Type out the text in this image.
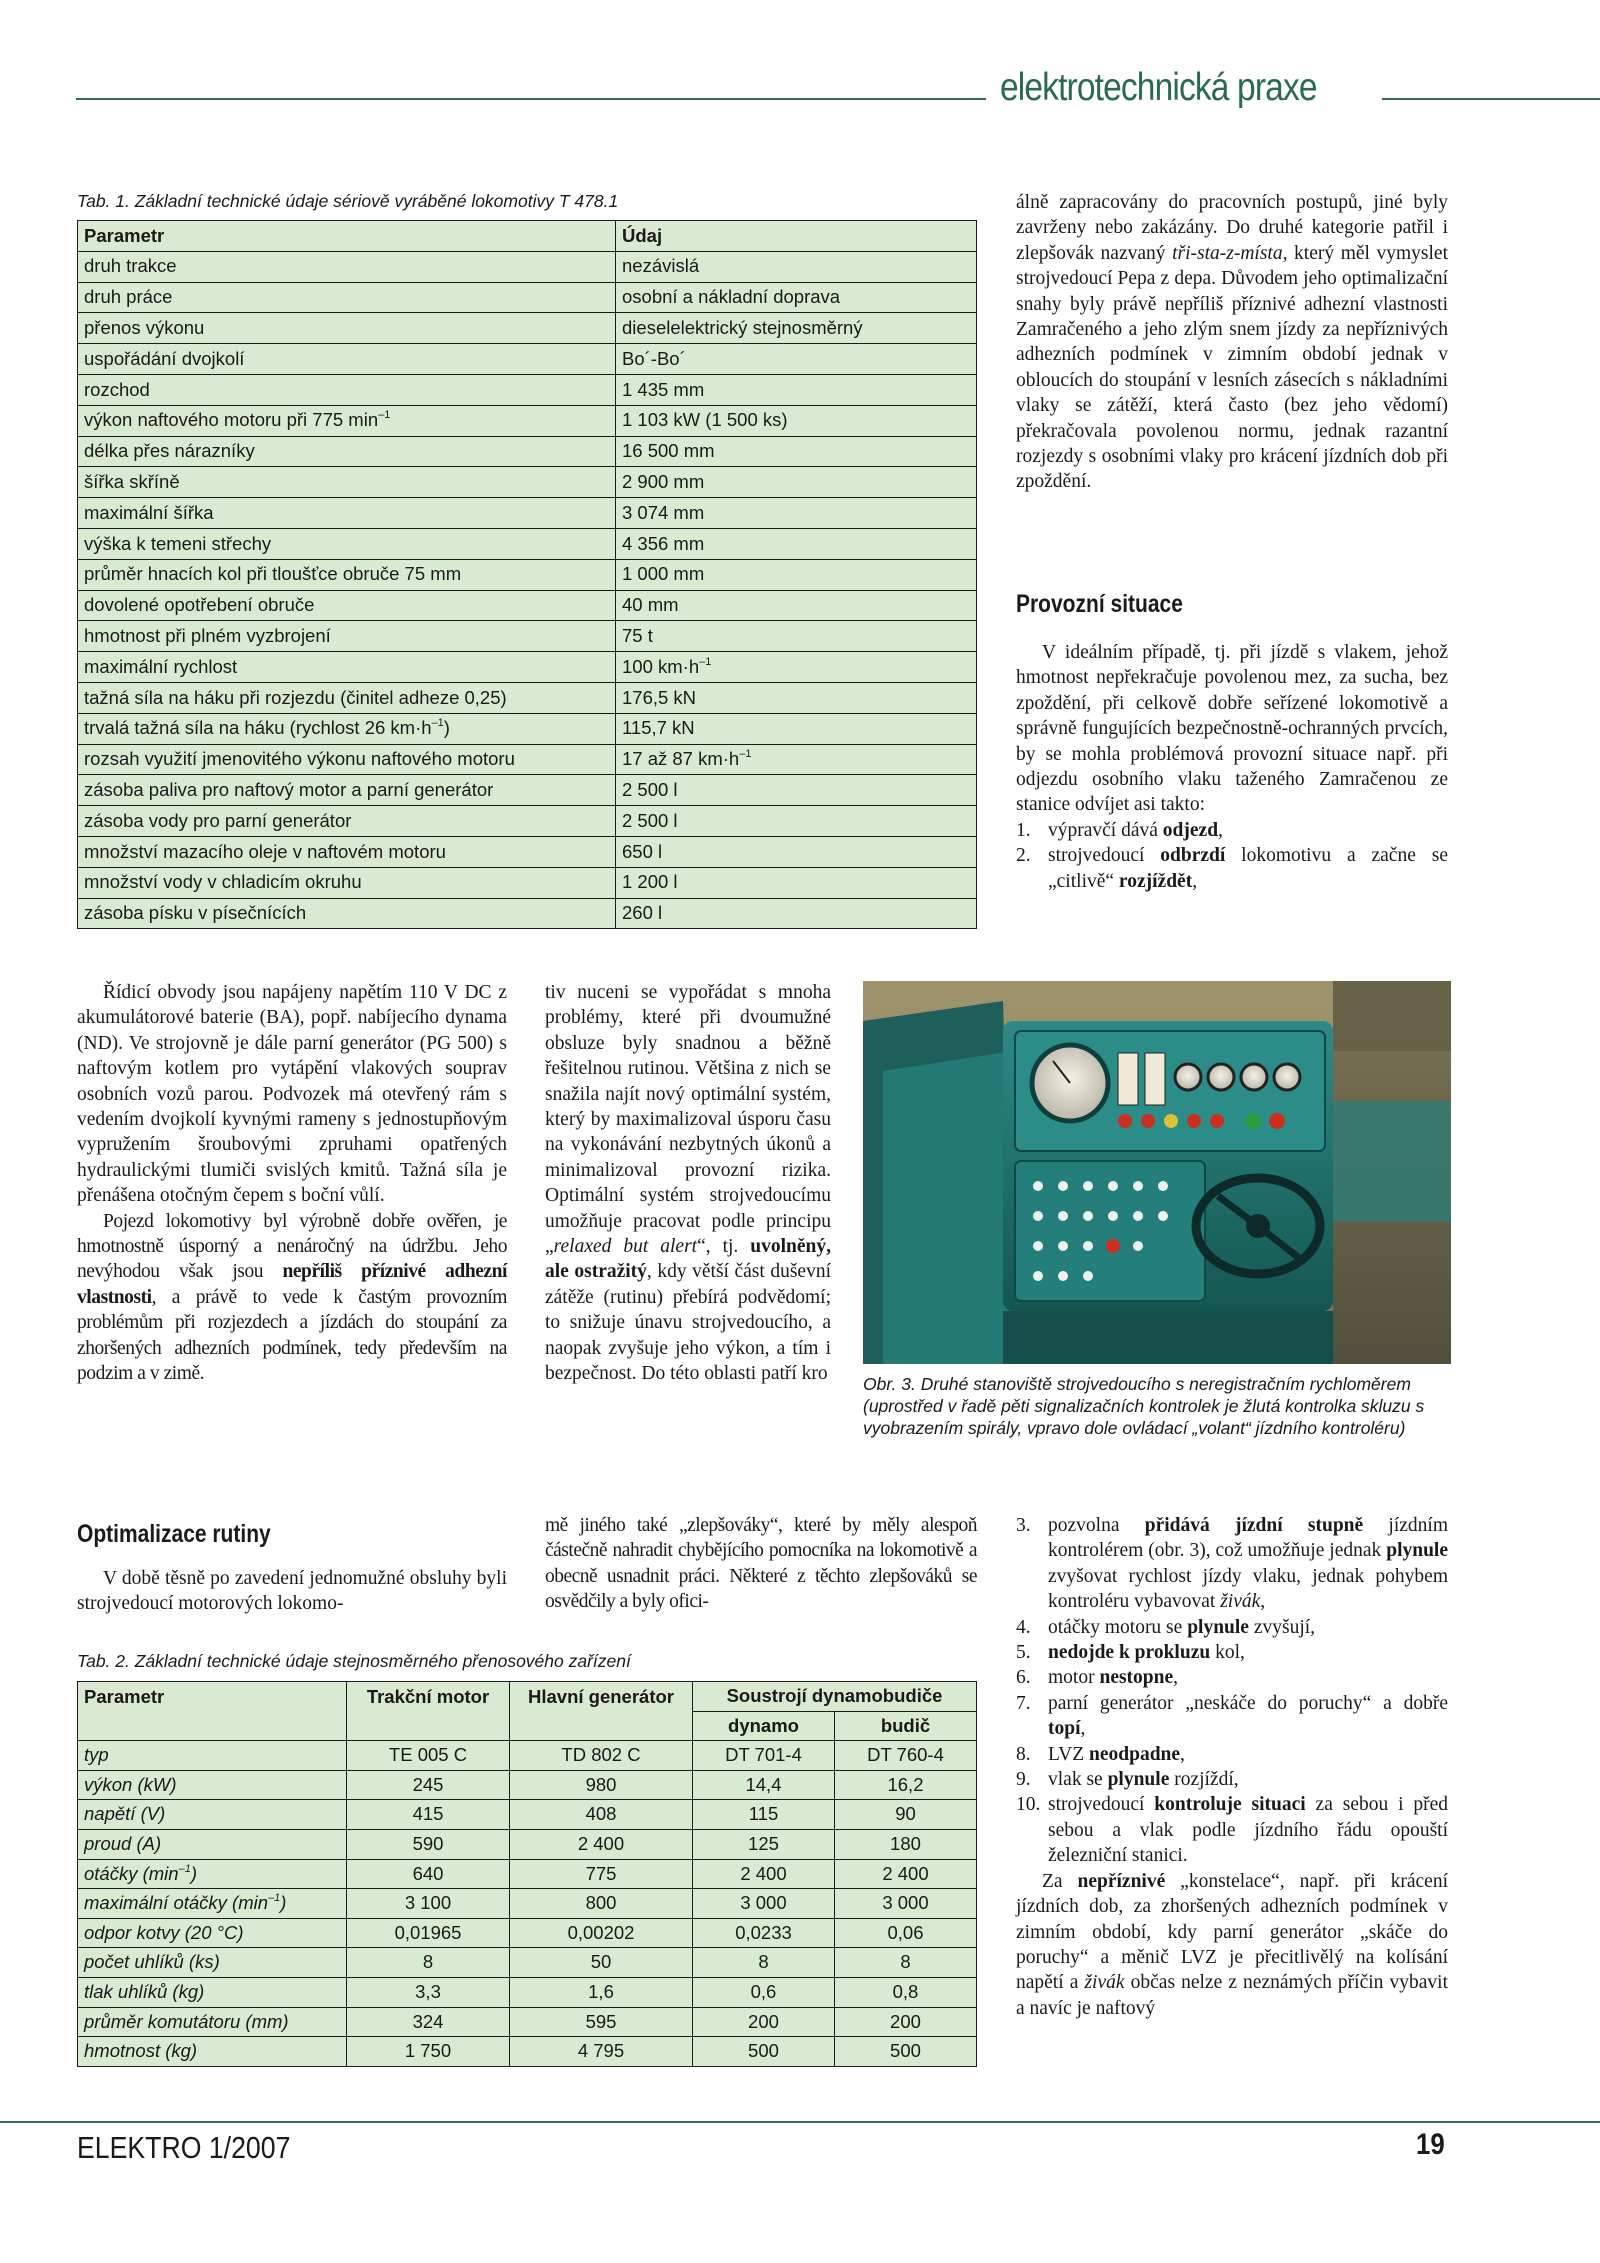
elektrotechnická praxe
Tab. 1. Základní technické údaje sériově vyráběné lokomotivy T 478.1
Parametr	Údaj
druh trakce	nezávislá
druh práce	osobní a nákladní doprava
přenos výkonu	dieselelektrický stejnosměrný
uspořádání dvojkolí	Bo´-Bo´
rozchod	1 435 mm
výkon naftového motoru při 775 $\min^{-1}$	1 103 kW (1 500 ks)
délka přes nárazníky	16 500 mm
šířka skříně	2 900 mm
maximální šířka	3 074 mm
výška k temeni střechy	4 356 mm
průměr hnacích kol při tloušťce obruče 75 mm	1 000 mm
dovolené opotřebení obruče	40 mm
hmotnost při plném vyzbrojení	75 t
maximální rychlost	100 $km\cdot h^{-1}$
tažná síla na háku při rozjezdu (činitel adheze 0,25)	176,5 kN
trvalá tažná síla na háku (rychlost 26 $km\cdot h^{-1}$)	115,7 kN
rozsah využití jmenovitého výkonu naftového motoru	17 až 87 $km\cdot h^{-1}$
zásoba paliva pro naftový motor a parní generátor	2 500 l
zásoba vody pro parní generátor	2 500 l
množství mazacího oleje v naftovém motoru	650 l
množství vody v chladicím okruhu	1 200 l
zásoba písku v písečnících	260 l

álně zapracovány do pracovních postupů, jiné byly zavrženy nebo zakázány. Do druhé kategorie patřil i zlepšovák nazvaný tři-sta-z-místa, který měl vymyslet strojvedoucí Pepa z depa. Důvodem jeho optimalizační snahy byly právě nepříliš příznivé adhezní vlastnosti Zamračeného a jeho zlým snem jízdy za nepříznivých adhezních podmínek v zimním období jednak v obloucích do stoupání v lesních zásecích s nákladními vlaky se zátěží, která často (bez jeho vědomí) překračovala povolenou normu, jednak razantní rozjezdy s osobními vlaky pro krácení jízdních dob při zpoždění.

Provozní situace

V ideálním případě, tj. při jízdě s vlakem, jehož hmotnost nepřekračuje povolenou mez, za sucha, bez zpoždění, při celkově dobře seřízené lokomotivě a správně fungujících bezpečnostně-ochranných prvcích, by se mohla problémová provozní situace např. při odjezdu osobního vlaku taženého Zamračenou ze stanice odvíjet asi takto:

1. výpravčí dává odjezd,
2. strojvedoucí odbrzdí lokomotivu a začne se „citlivě“ rozjíždět,

Řídicí obvody jsou napájeny napětím 110 V DC z akumulátorové baterie (BA), popř. nabíjecího dynama (ND). Ve strojovně je dále parní generátor (PG 500) s naftovým kotlem pro vytápění vlakových souprav osobních vozů parou. Podvozek má otevřený rám s vedením dvojkolí kyvnými rameny s jednostupňovým vypružením šroubovými zpruhami opatřených hydraulickými tlumiči svislých kmitů. Tažná síla je přenášena otočným čepem s boční vůlí.

Pojezd lokomotivy byl výrobně dobře ověřen, je hmotnostně úsporný a nenáročný na údržbu. Jeho nevýhodou však jsou nepříliš příznivé adhezní vlastnosti, a právě to vede k častým provozním problémům při rozjezdech a jízdách do stoupání za zhoršených adhezních podmínek, tedy především na podzim a v zimě.

Optimalizace rutiny

V době těsně po zavedení jednomužné obsluhy byli strojvedoucí motorových lokomo-

tiv nuceni se vypořádat s mnoha problémy, které při dvoumužné obsluze byly snadnou a běžně řešitelnou rutinou. Většina z nich se snažila najít nový optimální systém, který by maximalizoval úsporu času na vykonávání nezbytných úkonů a minimalizoval provozní rizika. Optimální systém strojvedoucímu umožňuje pracovat podle principu „relaxed but alert“, tj. uvolněný, ale ostražitý, kdy větší část duševní zátěže (rutinu) přebírá podvědomí; to snižuje únavu strojvedoucího, a naopak zvyšuje jeho výkon, a tím i bezpečnost. Do této oblasti patří kro

mě jiného také „zlepšováky“, které by měly alespoň částečně nahradit chybějícího pomocníka na lokomotivě a obecně usnadnit práci. Některé z těchto zlepšováků se osvědčily a byly ofici-

Obr. 3. Druhé stanoviště strojvedoucího s neregistračním rychloměrem (uprostřed v řadě pěti signalizačních kontrolek je žlutá kontrolka skluzu s vyobrazením spirály, vpravo dole ovládací „volant“ jízdního kontroléru)
3. pozvolna přidává jízdní stupně jízdním kontrolérem (obr. 3), což umožňuje jednak plynule zvyšovat rychlost jízdy vlaku, jednak pohybem kontroléru vybavovat živák,
4. otáčky motoru se plynule zvyšují,
5. nedojde k prokluzu kol,
6. motor nestopne,
7. parní generátor „neskáče do poruchy“ a dobře topí,
8. LVZ neodpadne,
9. vlak se plynule rozjíždí,
10. strojvedoucí kontroluje situaci za sebou i před sebou a vlak podle jízdního řádu opouští železniční stanici.

Za nepříznivé „konstelace“, např. při krácení jízdních dob, za zhoršených adhezních podmínek v zimním období, kdy parní generátor „skáče do poruchy“ a měnič LVZ je přecitlivělý na kolísání napětí a živák občas nelze z neznámých příčin vybavit a navíc je naftový

Tab. 2. Základní technické údaje stejnosměrného přenosového zařízení
Parametr	Trakční motor	Hlavní generátor	Soustrojí dynamobudiče	
			dynamo	budič
typ	TE 005 C	TD 802 C	DT 701-4	DT 760-4
výkon (kW)	245	980	14,4	16,2
napětí (V)	415	408	115	90
proud (A)	590	2 400	125	180
otáčky $(\min^{-1})$	640	775	2 400	2 400
maximální otáčky $(\min^{-1})$	3 100	800	3 000	3 000
odpor kotvy (20 °C)	0,01965	0,00202	0,0233	0,06
počet uhlíků (ks)	8	50	8	8
tlak uhlíků (kg)	3,3	1,6	0,6	0,8
průměr komutátoru (mm)	324	595	200	200
hmotnost (kg)	1 750	4 795	500	500
ELEKTRO 1/2007	19
